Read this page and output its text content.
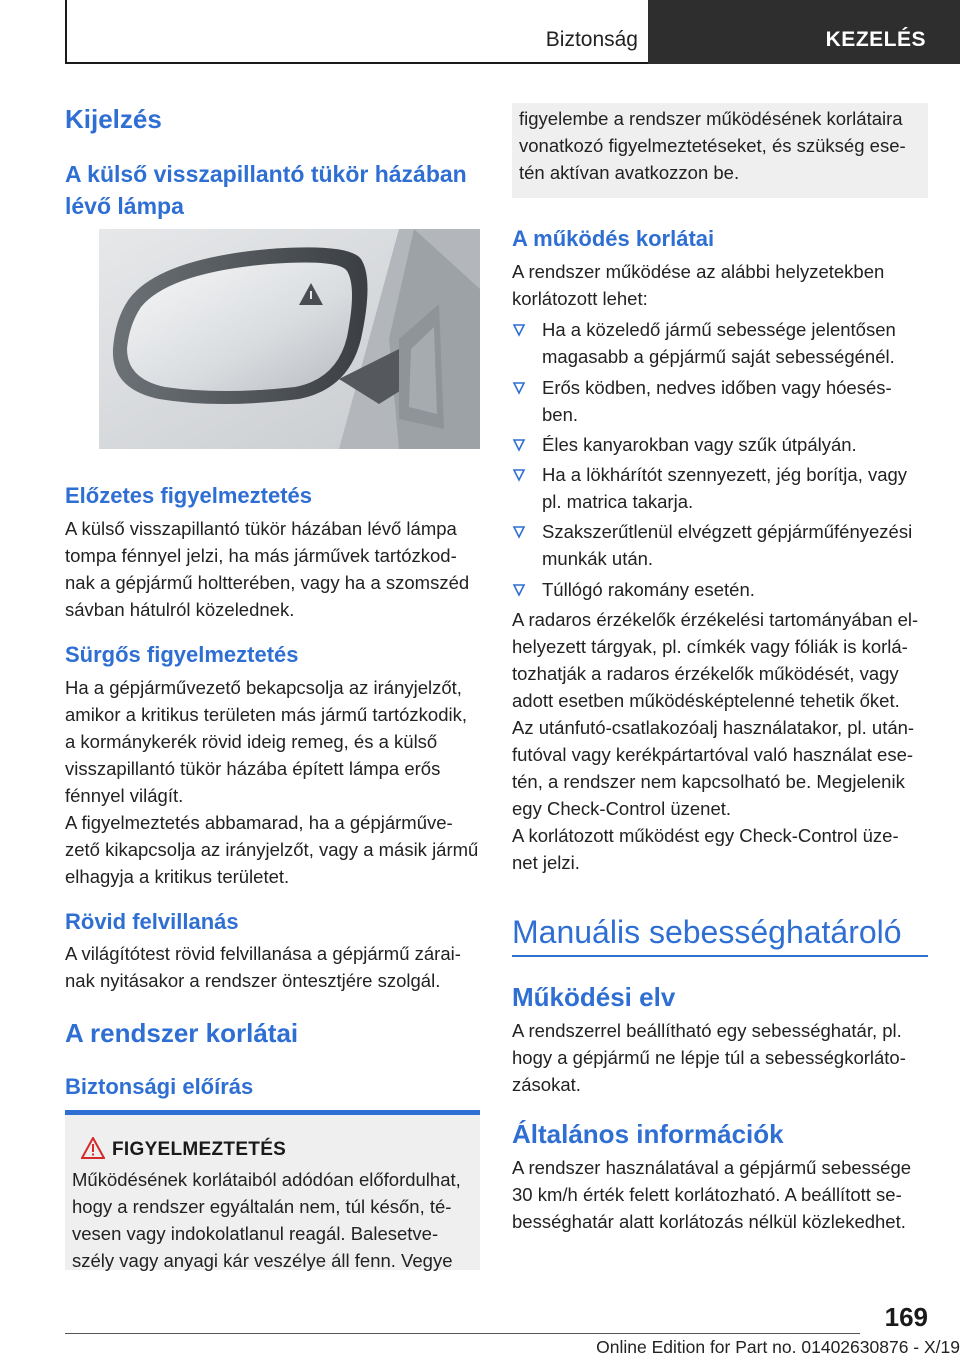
Biztonság	KEZELÉS
Kijelzés
A külső visszapillantó tükör házában
lévő lámpa
Előzetes figyelmeztetés

A külső visszapillantó tükör házában lévő lámpa

tompa fénnyel jelzi, ha más járművek tartózkod-

nak a gépjármű holtterében, vagy ha a szomszéd

sávban hátulról közelednek.

Sürgős figyelmeztetés

Ha a gépjárművezető bekapcsolja az irányjelzőt,

amikor a kritikus területen más jármű tartózkodik,

a kormánykerék rövid ideig remeg, és a külső

visszapillantó tükör házába épített lámpa erős

fénnyel világít.

A figyelmeztetés abbamarad, ha a gépjárműve-

zető kikapcsolja az irányjelzőt, vagy a másik jármű

elhagyja a kritikus területet.

Rövid felvillanás

A világítótest rövid felvillanása a gépjármű zárai-

nak nyitásakor a rendszer öntesztjére szolgál.

A rendszer korlátai
Biztonsági előírás
FIGYELMEZTETÉS

Működésének korlátaiból adódóan előfordulhat,

hogy a rendszer egyáltalán nem, túl későn, té-

vesen vagy indokolatlanul reagál. Balesetve-

szély vagy anyagi kár veszélye áll fenn. Vegye

figyelembe a rendszer működésének korlátaira

vonatkozó figyelmeztetéseket, és szükség ese-

tén aktívan avatkozzon be.

A működés korlátai

A rendszer működése az alábbi helyzetekben

korlátozott lehet:

Ha a közeledő jármű sebessége jelentősen
magasabb a gépjármű saját sebességénél.
Erős ködben, nedves időben vagy hóesés-
ben.
Éles kanyarokban vagy szűk útpályán.
Ha a lökhárítót szennyezett, jég borítja, vagy
pl. matrica takarja.
Szakszerűtlenül elvégzett gépjárműfényezési
munkák után.
Túllógó rakomány esetén.

A radaros érzékelők érzékelési tartományában el-

helyezett tárgyak, pl. címkék vagy fóliák is korlá-

tozhatják a radaros érzékelők működését, vagy

adott esetben működésképtelenné tehetik őket.

Az utánfutó-csatlakozóalj használatakor, pl. után-

futóval vagy kerékpártartóval való használat ese-

tén, a rendszer nem kapcsolható be. Megjelenik

egy Check-Control üzenet.

A korlátozott működést egy Check-Control üze-

net jelzi.

Manuális sebességhatároló
Működési elv

A rendszerrel beállítható egy sebességhatár, pl.

hogy a gépjármű ne lépje túl a sebességkorláto-

zásokat.

Általános információk

A rendszer használatával a gépjármű sebessége

30 km/h érték felett korlátozható. A beállított se-

bességhatár alatt korlátozás nélkül közlekedhet.

169
Online Edition for Part no. 01402630876 - X/19
